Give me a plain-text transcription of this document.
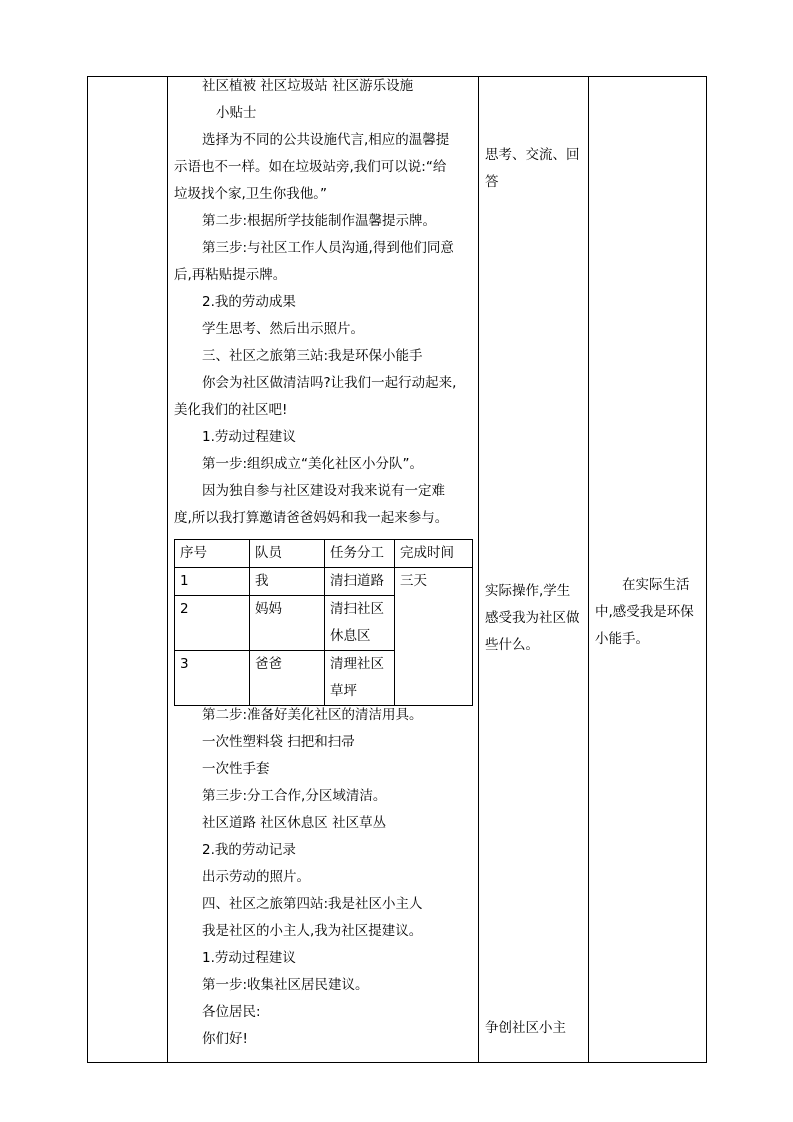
社区植被 社区垃圾站 社区游乐设施

小贴士

选择为不同的公共设施代言,相应的温馨提

示语也不一样。如在垃圾站旁,我们可以说:“给

垃圾找个家,卫生你我他。”

第二步:根据所学技能制作温馨提示牌。

第三步:与社区工作人员沟通,得到他们同意

后,再粘贴提示牌。

2.我的劳动成果

学生思考、然后出示照片。

三、社区之旅第三站:我是环保小能手

你会为社区做清洁吗?让我们一起行动起来,

美化我们的社区吧!

1.劳动过程建议

第一步:组织成立“美化社区小分队”。

因为独自参与社区建设对我来说有一定难

度,所以我打算邀请爸爸妈妈和我一起来参与。

序号	队员	任务分工	完成时间
1	我	清扫道路	三天
2	妈妈	清扫社区休息区	
3	爸爸	清理社区草坪	

第二步:准备好美化社区的清洁用具。

一次性塑料袋 扫把和扫帚

一次性手套

第三步:分工合作,分区域清洁。

社区道路 社区休息区 社区草丛

2.我的劳动记录

出示劳动的照片。

四、社区之旅第四站:我是社区小主人

我是社区的小主人,我为社区提建议。

1.劳动过程建议

第一步:收集社区居民建议。

各位居民:

你们好!

思考、交流、回答
实际操作,学生感受我为社区做些什么。
争创社区小主
在实际生活中,感受我是环保小能手。
